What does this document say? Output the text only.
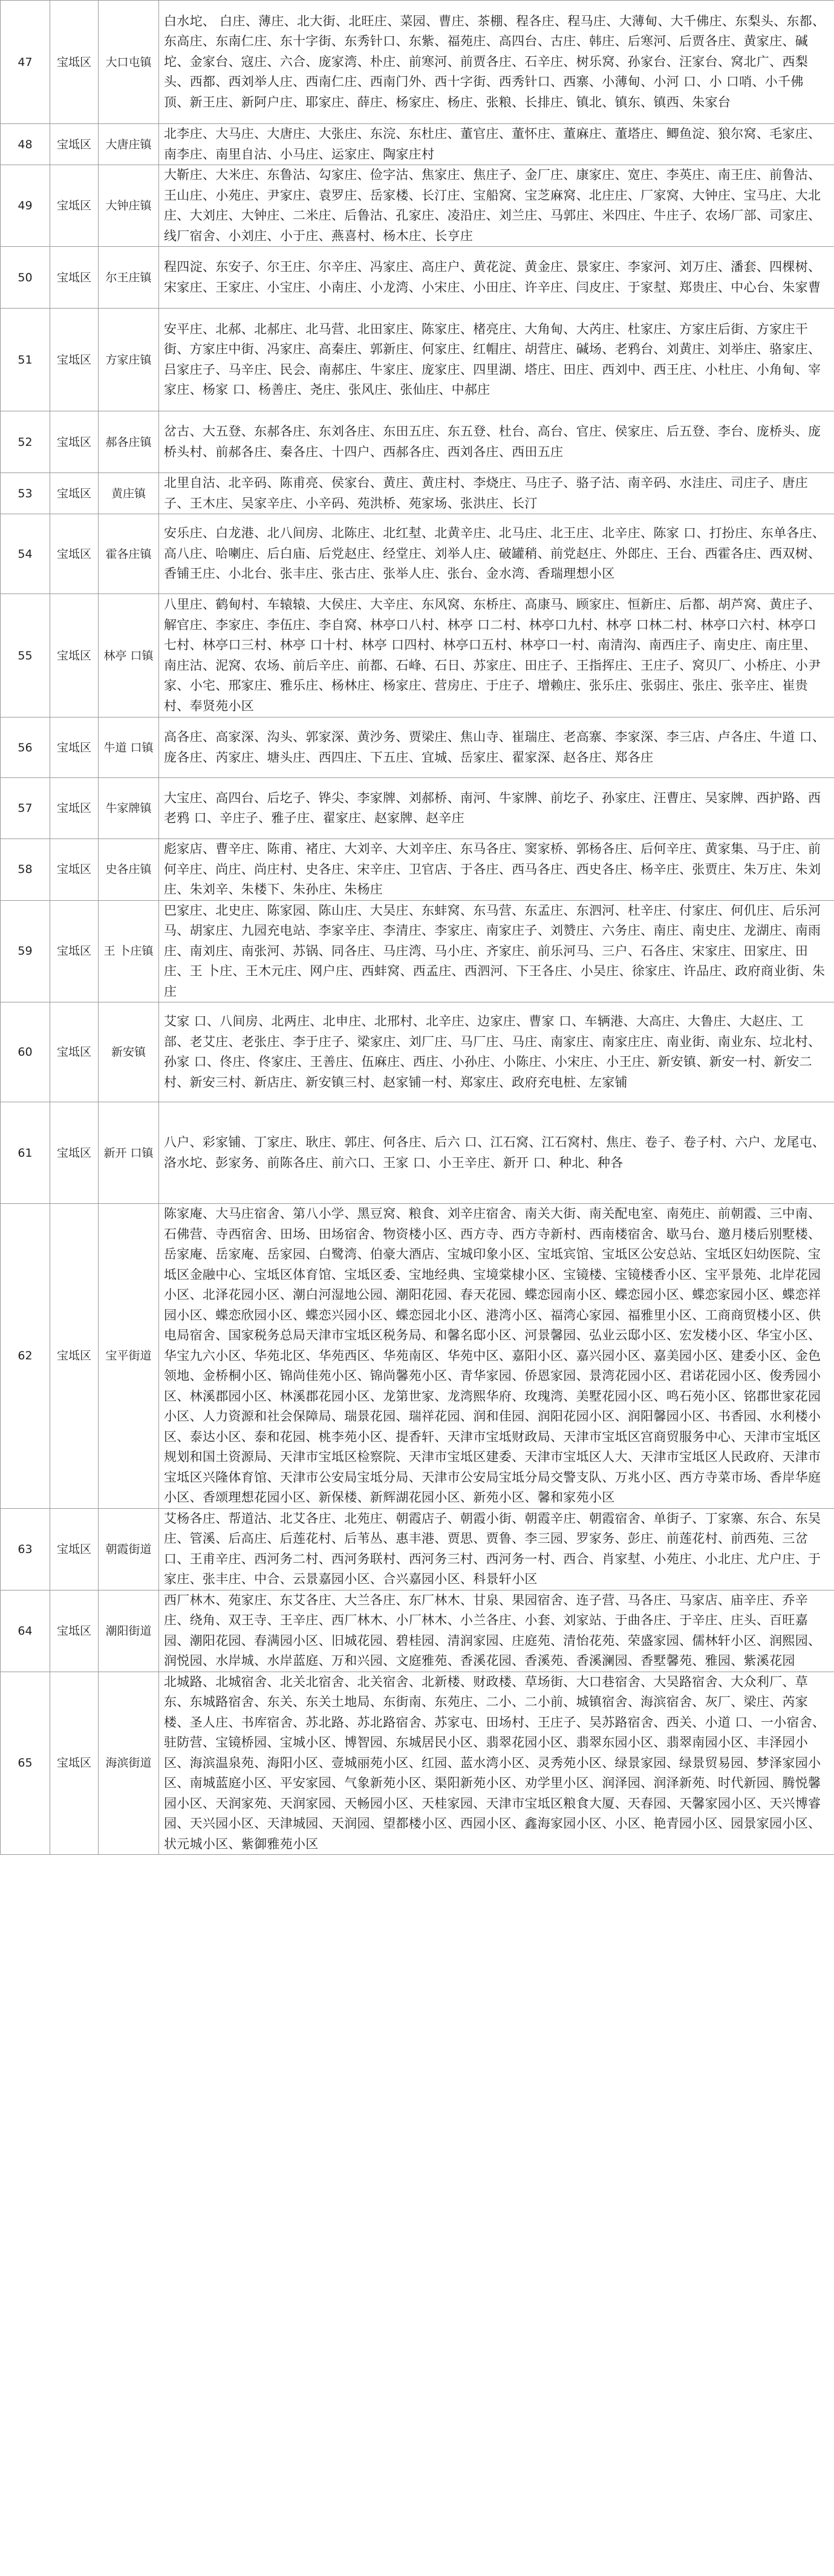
47	宝坻区	大口屯镇	白水坨、 白庄、薄庄、北大街、北旺庄、菜园、曹庄、茶棚、程各庄、程马庄、大薄甸、大千佛庄、东梨头、东都、东高庄、东南仁庄、东十字街、东秀针口、东紫、福苑庄、高四台、古庄、韩庄、后寒河、后贾各庄、黄家庄、碱坨、金家台、寇庄、六合、庞家湾、朴庄、前寒河、前贾各庄、石辛庄、树乐窝、孙家台、汪家台、窝北广、西梨头、西都、西刘举人庄、西南仁庄、西南门外、西十字街、西秀针口、西寨、小薄甸、小河 口、小 口哨、小千佛顶、新王庄、新阿户庄、耶家庄、薛庄、杨家庄、杨庄、张粮、长排庄、镇北、镇东、镇西、朱家台
48	宝坻区	大唐庄镇	北李庄、大马庄、大唐庄、大张庄、东浣、东杜庄、董官庄、董怀庄、董麻庄、董塔庄、鲫鱼淀、狼尔窝、毛家庄、南李庄、南里自沽、小马庄、运家庄、陶家庄村
49	宝坻区	大钟庄镇	大靳庄、大米庄、东鲁沽、勾家庄、俭字沽、焦家庄、焦庄子、金厂庄、康家庄、宽庄、李英庄、南王庄、前鲁沽、王山庄、小苑庄、尹家庄、袁罗庄、岳家楼、长汀庄、宝船窝、宝芝麻窝、北庄庄、厂家窝、大钟庄、宝马庄、大北庄、大刘庄、大钟庄、二米庄、后鲁沽、孔家庄、凌沿庄、刘兰庄、马郭庄、米四庄、牛庄子、农场厂部、司家庄、线厂宿舍、小刘庄、小于庄、燕喜村、杨木庄、长亨庄
50	宝坻区	尔王庄镇	程四淀、东安子、尔王庄、尔辛庄、冯家庄、高庄户、黄花淀、黄金庄、景家庄、李家河、刘万庄、潘套、四棵树、宋家庄、王家庄、小宝庄、小南庄、小龙湾、小宋庄、小田庄、许辛庄、闫皮庄、于家堼、郑贵庄、中心台、朱家曹
51	宝坻区	方家庄镇	安平庄、北郝、北郝庄、北马营、北田家庄、陈家庄、楮亮庄、大角甸、大芮庄、杜家庄、方家庄后街、方家庄干街、方家庄中街、冯家庄、高秦庄、郭新庄、何家庄、红帽庄、胡营庄、碱场、老鸦台、刘黄庄、刘举庄、骆家庄、吕家庄子、马辛庄、民会、南郝庄、牛家庄、庞家庄、四里湖、塔庄、田庄、西刘中、西王庄、小杜庄、小角甸、宰家庄、杨家 口、杨善庄、尧庄、张风庄、张仙庄、中郝庄
52	宝坻区	郝各庄镇	岔古、大五登、东郝各庄、东刘各庄、东田五庄、东五登、杜台、高台、官庄、侯家庄、后五登、李台、庞桥头、庞桥头村、前郝各庄、秦各庄、十四户、西郝各庄、西刘各庄、西田五庄
53	宝坻区	黄庄镇	北里自沽、北辛码、陈甫亮、侯家台、黄庄、黄庄村、李烧庄、马庄子、骆子沽、南辛码、水洼庄、司庄子、唐庄子、王木庄、吴家辛庄、小辛码、苑洪桥、苑家场、张洪庄、长汀
54	宝坻区	霍各庄镇	安乐庄、白龙港、北八间房、北陈庄、北红堼、北黄辛庄、北马庄、北王庄、北辛庄、陈家 口、打扮庄、东单各庄、高八庄、哈喇庄、后白庙、后党赵庄、经堂庄、刘举人庄、破罐稍、前党赵庄、外郎庄、王台、西霍各庄、西双树、香铺王庄、小北台、张丰庄、张古庄、张举人庄、张台、金水湾、香瑞理想小区
55	宝坻区	林亭 口镇	八里庄、鹤甸村、车辕辕、大侯庄、大辛庄、东风窝、东桥庄、高康马、顾家庄、恒新庄、后都、胡芦窝、黄庄子、解官庄、李家庄、李伍庄、李自窝、林亭口八村、林亭 口二村、林亭口九村、林亭 口林二村、林亭口六村、林亭口七村、林亭口三村、林亭 口十村、林亭 口四村、林亭口五村、林亭口一村、南清沟、南西庄子、南史庄、南庄里、南庄沽、泥窝、农场、前后辛庄、前都、石峰、石日、苏家庄、田庄子、王指挥庄、王庄子、窝贝厂、小桥庄、小尹家、小宅、邢家庄、雅乐庄、杨林庄、杨家庄、营房庄、于庄子、增赖庄、张乐庄、张弱庄、张庄、张辛庄、崔贵村、奉贤苑小区
56	宝坻区	牛道 口镇	高各庄、高家深、沟头、郭家深、黄沙务、贾梁庄、焦山寺、崔瑞庄、老高寨、李家深、李三店、卢各庄、牛道 口、庞各庄、芮家庄、塘头庄、西四庄、下五庄、宜城、岳家庄、翟家深、赵各庄、郑各庄
57	宝坻区	牛家牌镇	大宝庄、高四台、后圪子、铧尖、李家牌、刘郝桥、南河、牛家牌、前圪子、孙家庄、汪曹庄、吴家牌、西护路、西老鸦 口、辛庄子、雅子庄、翟家庄、赵家牌、赵辛庄
58	宝坻区	史各庄镇	彪家店、曹辛庄、陈甫、褚庄、大刘辛、大刘辛庄、东马各庄、窦家桥、郭杨各庄、后何辛庄、黄家集、马于庄、前何辛庄、尚庄、尚庄村、史各庄、宋辛庄、卫官店、于各庄、西马各庄、西史各庄、杨辛庄、张贾庄、朱万庄、朱刘庄、朱刘辛、朱楼下、朱孙庄、朱杨庄
59	宝坻区	王 卜庄镇	巴家庄、北史庄、陈家园、陈山庄、大吴庄、东蚌窝、东马营、东孟庄、东泗河、杜辛庄、付家庄、何仉庄、后乐河马、胡家庄、九园充电站、李家辛庄、李清庄、李家庄、南家庄子、刘赞庄、六务庄、南庄、南史庄、龙湖庄、南雨庄、南刘庄、南张河、苏锅、同各庄、马庄湾、马小庄、齐家庄、前乐河马、三户、石各庄、宋家庄、田家庄、田庄、王 卜庄、王木元庄、网户庄、西蚌窝、西孟庄、西泗河、下王各庄、小吴庄、徐家庄、许品庄、政府商业街、朱庄
60	宝坻区	新安镇	艾家 口、八间房、北两庄、北申庄、北邢村、北辛庄、边家庄、曹家 口、车辆港、大高庄、大鲁庄、大赵庄、工部、老艾庄、老张庄、李于庄子、梁家庄、刘厂庄、马厂庄、马庄、南家庄、南家庄庄、南业街、南业东、垃北村、孙家 口、佟庄、佟家庄、王善庄、伍麻庄、西庄、小孙庄、小陈庄、小宋庄、小王庄、新安镇、新安一村、新安二村、新安三村、新店庄、新安镇三村、赵家铺一村、郑家庄、政府充电桩、左家铺
61	宝坻区	新开 口镇	八户、彩家铺、丁家庄、耿庄、郭庄、何各庄、后六 口、江石窝、江石窝村、焦庄、卷子、卷子村、六户、龙尾屯、洛水坨、彭家务、前陈各庄、前六口、王家 口、小王辛庄、新开 口、种北、种各
62	宝坻区	宝平街道	陈家庵、大马庄宿舍、第八小学、黑豆窝、粮食、刘辛庄宿舍、南关大街、南关配电室、南苑庄、前朝霞、三中南、石佛营、寺西宿舍、田场、田场宿舍、物资楼小区、西方寺、西方寺新村、西南楼宿舍、歇马台、邀月楼后别墅楼、岳家庵、岳家庵、岳家园、白鹭湾、伯豪大酒店、宝城印象小区、宝坻宾馆、宝坻区公安总站、宝坻区妇幼医院、宝坻区金融中心、宝坻区体育馆、宝坻区委、宝地经典、宝境棠棣小区、宝镜楼、宝镜楼香小区、宝平景苑、北岸花园小区、北泽花园小区、潮白河湿地公园、潮阳花园、春天花园、蝶恋园南小区、蝶恋园小区、蝶恋家园小区、蝶恋祥园小区、蝶恋欣园小区、蝶恋兴园小区、蝶恋园北小区、港湾小区、福湾心家园、福雅里小区、工商商贸楼小区、供电局宿舍、国家税务总局天津市宝坻区税务局、和馨名邸小区、河景馨园、弘业云邸小区、宏发楼小区、华宝小区、华宝九六小区、华苑北区、华苑西区、华苑南区、华苑中区、嘉阳小区、嘉兴园小区、嘉美园小区、建委小区、金色领地、金桥桐小区、锦尚佳苑小区、锦尚馨苑小区、青华家园、侨恩家园、景湾花园小区、君诺花园小区、俊秀园小区、林溪郡园小区、林溪郡花园小区、龙第世家、龙湾熙华府、玫瑰湾、美墅花园小区、鸣石苑小区、铭郡世家花园小区、人力资源和社会保障局、瑞景花园、瑞祥花园、润和佳园、润阳花园小区、润阳馨园小区、书香园、水利楼小区、泰达小区、泰和花园、桃李苑小区、提香轩、天津市宝坻财政局、天津市宝坻区宫商贸服务中心、天津市宝坻区规划和国土资源局、天津市宝坻区检察院、天津市宝坻区建委、天津市宝坻区人大、天津市宝坻区人民政府、天津市宝坻区兴隆体育馆、天津市公安局宝坻分局、天津市公安局宝坻分局交警支队、万兆小区、西方寺菜市场、香岸华庭小区、香颂理想花园小区、新保楼、新辉湖花园小区、新苑小区、馨和家苑小区
63	宝坻区	朝霞街道	艾杨各庄、帮道沽、北艾各庄、北苑庄、朝霞店子、朝霞小街、朝霞辛庄、朝霞宿舍、单街子、丁家寨、东合、东吴庄、管溪、后高庄、后莲花村、后苇丛、惠丰港、贾思、贾鲁、李三园、罗家务、彭庄、前莲花村、前西苑、三岔 口、王甫辛庄、西河务二村、西河务联村、西河务三村、西河务一村、西合、肖家堼、小苑庄、小北庄、尤户庄、于家庄、张丰庄、中合、云景嘉园小区、合兴嘉园小区、科景轩小区
64	宝坻区	潮阳街道	西厂林木、苑家庄、东艾各庄、大兰各庄、东厂林木、甘泉、果园宿舍、连子营、马各庄、马家店、庙辛庄、乔辛庄、绕角、双王寺、王辛庄、西厂林木、小厂林木、小兰各庄、小套、刘家站、于曲各庄、于辛庄、庄头、百旺嘉园、潮阳花园、春满园小区、旧城花园、碧桂园、清润家园、庄庭苑、清怡花苑、荣盛家园、儒林轩小区、润熙园、润悦园、水岸城、水岸蓝庭、万和兴园、文庭雅苑、香溪花园、香溪苑、香溪澜园、香墅馨苑、雅园、紫溪花园
65	宝坻区	海滨街道	北城路、北城宿舍、北关北宿舍、北关宿舍、北新楼、财政楼、草场街、大口巷宿舍、大吴路宿舍、大众利厂、草东、东城路宿舍、东关、东关土地局、东街南、东苑庄、二小、二小前、城镇宿舍、海滨宿舍、灰厂、梁庄、芮家楼、圣人庄、书库宿舍、苏北路、苏北路宿舍、苏家屯、田场村、王庄子、吴苏路宿舍、西关、小道 口、一小宿舍、驻防营、宝镜桥园、宝城小区、博智园、东城居民小区、翡翠花园小区、翡翠东园小区、翡翠南园小区、丰泽园小区、海滨温泉苑、海阳小区、壹城丽苑小区、红园、蓝水湾小区、灵秀苑小区、绿景家园、绿景贸易园、梦泽家园小区、南城蓝庭小区、平安家园、气象新苑小区、渠阳新苑小区、劝学里小区、润泽园、润泽新苑、时代新园、腾悦馨园小区、天润家苑、天润家园、天畅园小区、天桂家园、天津市宝坻区粮食大厦、天春园、天馨家园小区、天兴博睿园、天兴园小区、天津城园、天润园、望都楼小区、西园小区、鑫海家园小区、小区、艳青园小区、园景家园小区、状元城小区、紫御雅苑小区
